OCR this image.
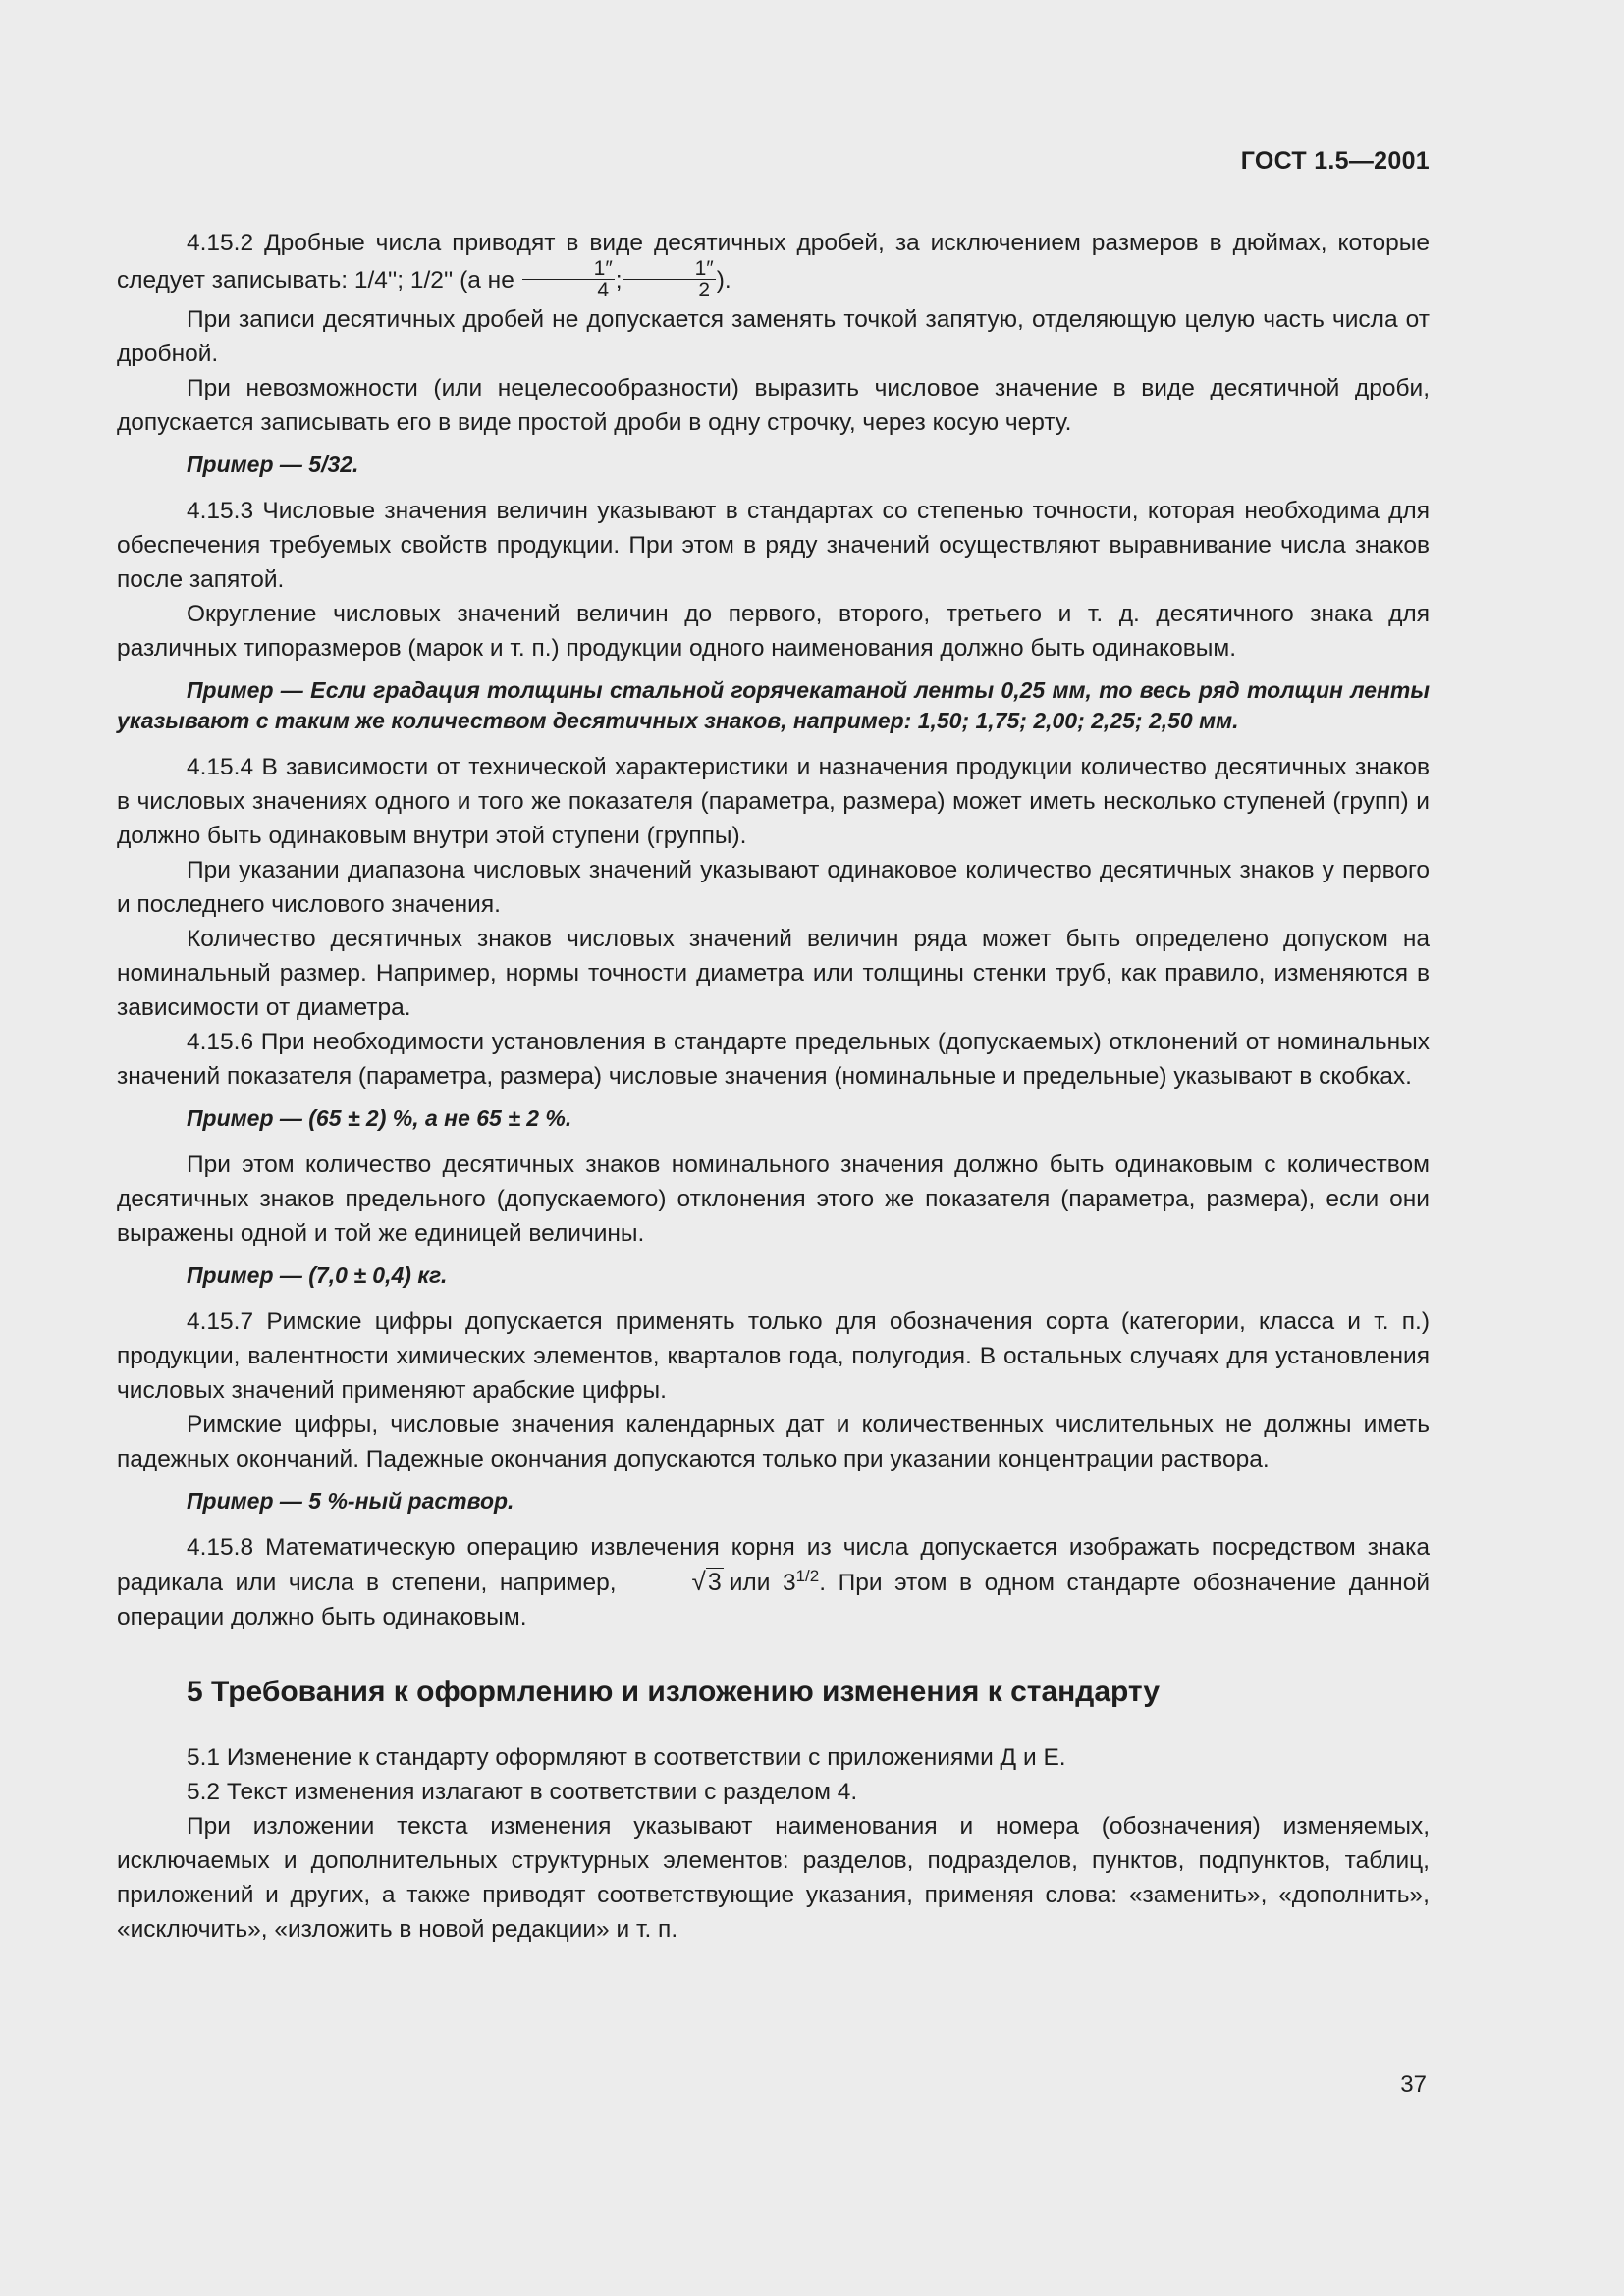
ГОСТ 1.5—2001

4.15.2 Дробные числа приводят в виде десятичных дробей, за исключением размеров в дюймах, которые следует записывать: 1/4''; 1/2'' (а не $\frac{1''}{4}$ ; $\frac{1''}{2}$ ).

При записи десятичных дробей не допускается заменять точкой запятую, отделяющую целую часть числа от дробной.

При невозможности (или нецелесообразности) выразить числовое значение в виде десятичной дроби, допускается записывать его в виде простой дроби в одну строчку, через косую черту.

Пример — 5/32.

4.15.3 Числовые значения величин указывают в стандартах со степенью точности, которая необходима для обеспечения требуемых свойств продукции. При этом в ряду значений осуществляют выравнивание числа знаков после запятой.

Округление числовых значений величин до первого, второго, третьего и т. д. десятичного знака для различных типоразмеров (марок и т. п.) продукции одного наименования должно быть одинаковым.

Пример — Если градация толщины стальной горячекатаной ленты 0,25 мм, то весь ряд толщин ленты указывают с таким же количеством десятичных знаков, например: 1,50; 1,75; 2,00; 2,25; 2,50 мм.

4.15.4 В зависимости от технической характеристики и назначения продукции количество десятичных знаков в числовых значениях одного и того же показателя (параметра, размера) может иметь несколько ступеней (групп) и должно быть одинаковым внутри этой ступени (группы).

При указании диапазона числовых значений указывают одинаковое количество десятичных знаков у первого и последнего числового значения.

Количество десятичных знаков числовых значений величин ряда может быть определено допуском на номинальный размер. Например, нормы точности диаметра или толщины стенки труб, как правило, изменяются в зависимости от диаметра.

4.15.6 При необходимости установления в стандарте предельных (допускаемых) отклонений от номинальных значений показателя (параметра, размера) числовые значения (номинальные и предельные) указывают в скобках.

Пример — (65 ± 2) %, а не 65 ± 2 %.

При этом количество десятичных знаков номинального значения должно быть одинаковым с количеством десятичных знаков предельного (допускаемого) отклонения этого же показателя (параметра, размера), если они выражены одной и той же единицей величины.

Пример — (7,0 ± 0,4) кг.

4.15.7 Римские цифры допускается применять только для обозначения сорта (категории, класса и т. п.) продукции, валентности химических элементов, кварталов года, полугодия. В остальных случаях для установления числовых значений применяют арабские цифры.

Римские цифры, числовые значения календарных дат и количественных числительных не должны иметь падежных окончаний. Падежные окончания допускаются только при указании концентрации раствора.

Пример — 5 %-ный раствор.

4.15.8 Математическую операцию извлечения корня из числа допускается изображать посредством знака радикала или числа в степени, например,	√3 или $3^{1/2}$. При этом в одном стандарте обозначение данной операции должно быть одинаковым.

5 Требования к оформлению и изложению изменения к стандарту

5.1 Изменение к стандарту оформляют в соответствии с приложениями Д и Е.

5.2 Текст изменения излагают в соответствии с разделом 4.

При изложении текста изменения указывают наименования и номера (обозначения) изменяемых, исключаемых и дополнительных структурных элементов: разделов, подразделов, пунктов, подпунктов, таблиц, приложений и других, а также приводят соответствующие указания, применяя слова: «заменить», «дополнить», «исключить», «изложить в новой редакции» и т. п.

37
